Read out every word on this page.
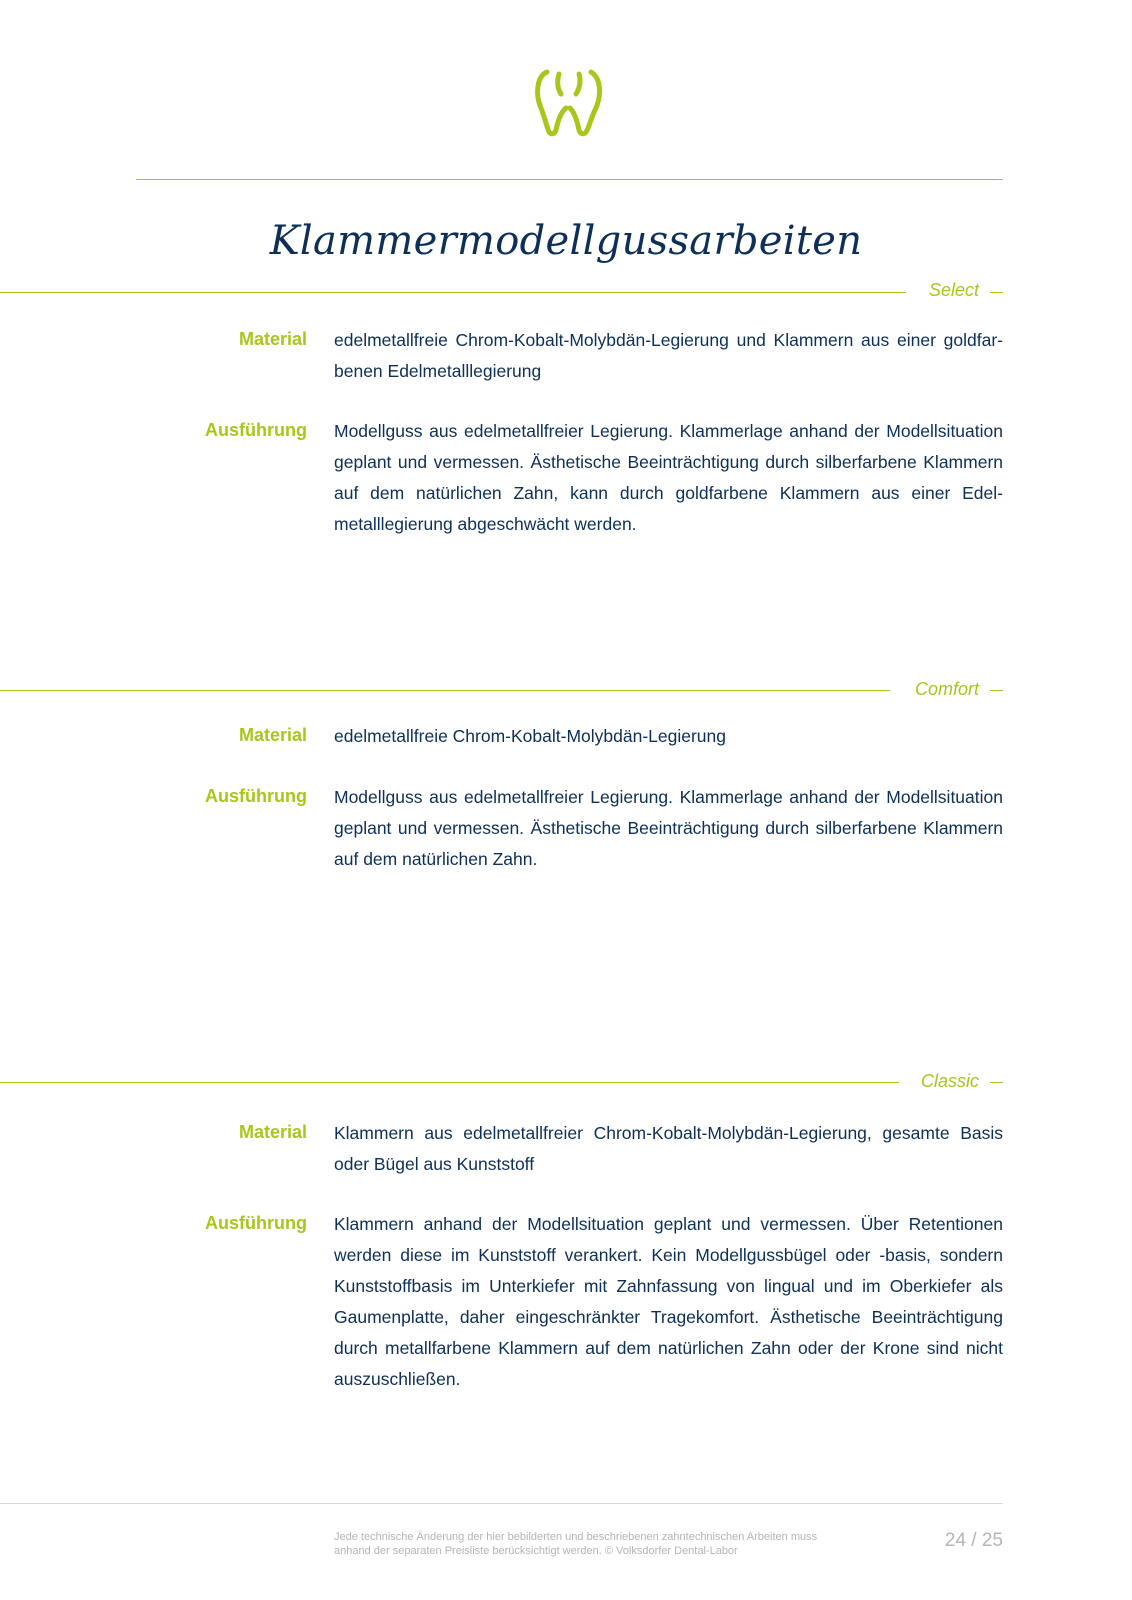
Klammermodellgussarbeiten
Select
Material edelmetallfreie Chrom-Kobalt-Molybdän-Legierung und Klammern aus einer goldfarbenen Edelmetalllegierung
Ausführung Modellguss aus edelmetallfreier Legierung. Klammerlage anhand der Modellsituation geplant und vermessen. Ästhetische Beeinträchtigung durch silberfarbene Klammern auf dem natürlichen Zahn, kann durch goldfarbene Klammern aus einer Edelmetalllegierung abgeschwächt werden.
Comfort
Material edelmetallfreie Chrom-Kobalt-Molybdän-Legierung
Ausführung Modellguss aus edelmetallfreier Legierung. Klammerlage anhand der Modellsituation geplant und vermessen. Ästhetische Beeinträchtigung durch silberfarbene Klammern auf dem natürlichen Zahn.
Classic
Material Klammern aus edelmetallfreier Chrom-Kobalt-Molybdän-Legierung, gesamte Basis oder Bügel aus Kunststoff
Ausführung Klammern anhand der Modellsituation geplant und vermessen. Über Retentionen werden diese im Kunststoff verankert. Kein Modellgussbügel oder -basis, sondern Kunststoffbasis im Unterkiefer mit Zahnfassung von lingual und im Oberkiefer als Gaumenplatte, daher eingeschränkter Tragekomfort. Ästhetische Beeinträchtigung durch metallfarbene Klammern auf dem natürlichen Zahn oder der Krone sind nicht auszuschließen.
Jede technische Änderung der hier bebilderten und beschriebenen zahntechnischen Arbeiten muss anhand der separaten Preisliste berücksichtigt werden. © Volksdorfer Dental-Labor	24 / 25
